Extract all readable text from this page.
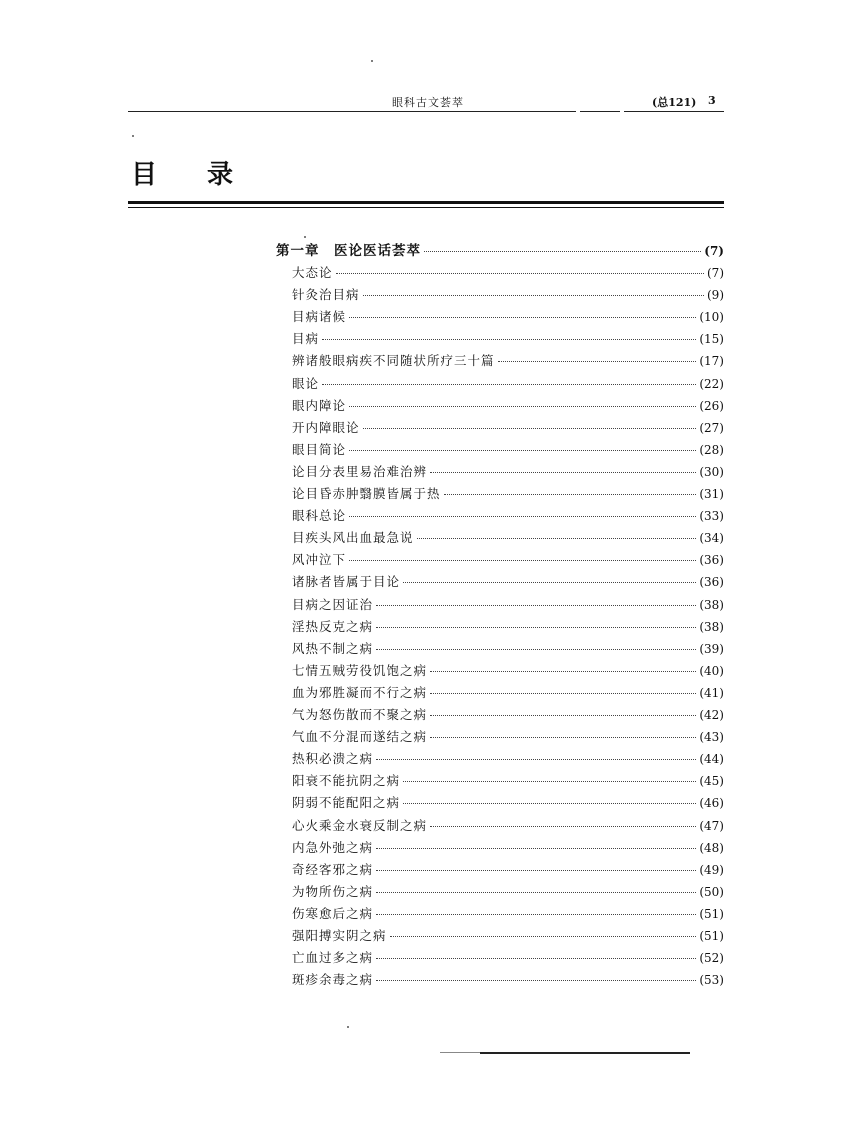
眼科古文荟萃	(总121) 3
目 录
第一章　医论医话荟萃	(7)
大态论	(7)
针灸治目病	(9)
目病诸候	(10)
目病	(15)
辨诸般眼病疾不同随状所疗三十篇	(17)
眼论	(22)
眼内障论	(26)
开内障眼论	(27)
眼目简论	(28)
论目分表里易治难治辨	(30)
论目昏赤肿翳膜皆属于热	(31)
眼科总论	(33)
目疾头风出血最急说	(34)
风冲泣下	(36)
诸脉者皆属于目论	(36)
目病之因证治	(38)
淫热反克之病	(38)
风热不制之病	(39)
七情五贼劳役饥饱之病	(40)
血为邪胜凝而不行之病	(41)
气为怒伤散而不聚之病	(42)
气血不分混而遂结之病	(43)
热积必溃之病	(44)
阳衰不能抗阴之病	(45)
阴弱不能配阳之病	(46)
心火乘金水衰反制之病	(47)
内急外弛之病	(48)
奇经客邪之病	(49)
为物所伤之病	(50)
伤寒愈后之病	(51)
强阳搏实阴之病	(51)
亡血过多之病	(52)
斑疹余毒之病	(53)
